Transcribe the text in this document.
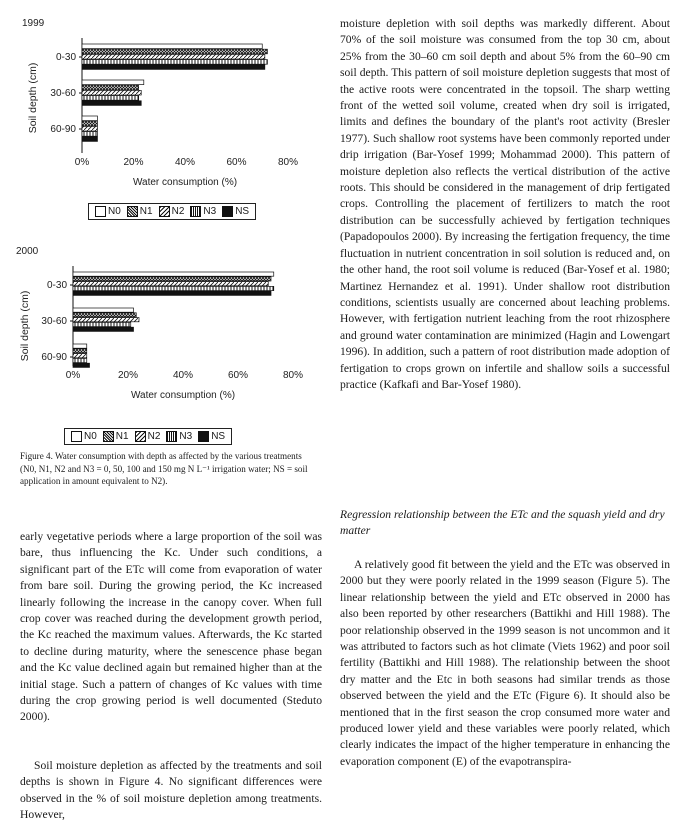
1999
Soil depth (cm)
0-30
30-60
60-90
0%	20%	40%	60%	80%
Water consumption (%)
N0 N1 N2 N3 NS
2000
Soil depth (cm)
0-30
30-60
60-90
0%	20%	40%	60%	80%
Water consumption (%)
N0 N1 N2 N3 NS

Figure 4. Water consumption with depth as affected by the various treatments (N0, N1, N2 and N3 = 0, 50, 100 and 150 mg N L⁻¹ irrigation water; NS = soil application in amount equivalent to N2).

early vegetative periods where a large proportion of the soil was bare, thus influencing the Kc. Under such conditions, a significant part of the ETc will come from evaporation of water from bare soil. During the growing period, the Kc increased linearly following the increase in the canopy cover. When full crop cover was reached during the development growth period, the Kc reached the maximum values. Afterwards, the Kc started to decline during maturity, where the senescence phase began and the Kc value declined again but remained higher than at the initial stage. Such a pattern of changes of Kc values with time during the crop growing period is well documented (Steduto 2000).

Soil moisture depletion as affected by the treatments and soil depths is shown in Figure 4. No significant differences were observed in the % of soil moisture depletion among treatments. However,

moisture depletion with soil depths was markedly different. About 70% of the soil moisture was consumed from the top 30 cm, about 25% from the 30–60 cm soil depth and about 5% from the 60–90 cm soil depth. This pattern of soil moisture depletion suggests that most of the active roots were concentrated in the topsoil. The sharp wetting front of the wetted soil volume, created when dry soil is irrigated, limits and defines the boundary of the plant's root activity (Bresler 1977). Such shallow root systems have been commonly reported under drip irrigation (Bar-Yosef 1999; Mohammad 2000). This pattern of moisture depletion also reflects the vertical distribution of the active roots. This should be considered in the management of drip fertigated crops. Controlling the placement of fertilizers to match the root distribution can be successfully achieved by fertigation techniques (Papadopoulos 2000). By increasing the fertigation frequency, the time fluctuation in nutrient concentration in soil solution is reduced and, on the other hand, the root soil volume is reduced (Bar-Yosef et al. 1980; Martinez Hernandez et al. 1991). Under shallow root distribution conditions, scientists usually are concerned about leaching problems. However, with fertigation nutrient leaching from the root rhizosphere and ground water contamination are minimized (Hagin and Lowengart 1996). In addition, such a pattern of root distribution made adoption of fertigation to crops grown on infertile and shallow soils a successful practice (Kafkafi and Bar-Yosef 1980).

Regression relationship between the ETc and the squash yield and dry matter

A relatively good fit between the yield and the ETc was observed in 2000 but they were poorly related in the 1999 season (Figure 5). The linear relationship between the yield and ETc observed in 2000 has also been reported by other researchers (Battikhi and Hill 1988). The poor relationship observed in the 1999 season is not uncommon and it was attributed to factors such as hot climate (Viets 1962) and poor soil fertility (Battikhi and Hill 1988). The relationship between the shoot dry matter and the Etc in both seasons had similar trends as those observed between the yield and the ETc (Figure 6). It should also be mentioned that in the first season the crop consumed more water and produced lower yield and these variables were poorly related, which clearly indicates the impact of the higher temperature in enhancing the evaporation component (E) of the evapotranspira-
